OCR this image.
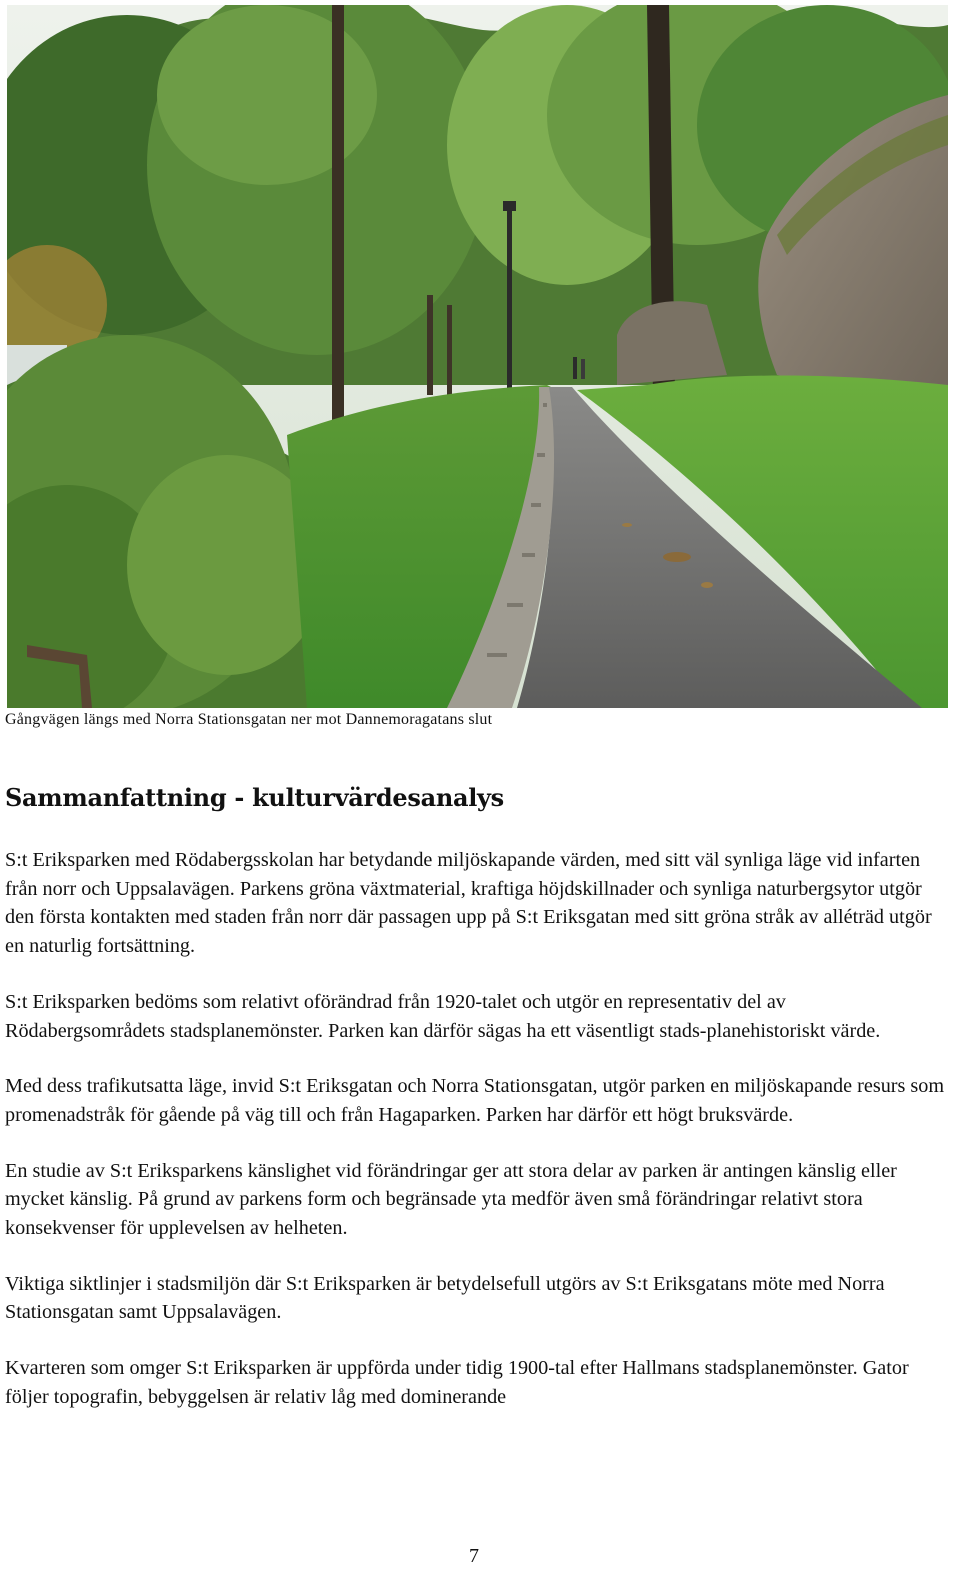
Gångvägen längs med Norra Stationsgatan ner mot Dannemoragatans slut
Sammanfattning - kulturvärdesanalys

S:t Eriksparken med Rödabergsskolan har betydande miljöskapande värden, med sitt väl synliga läge vid infarten från norr och Uppsalavägen. Parkens gröna växtmaterial, kraftiga höjdskillnader och synliga naturbergsytor utgör den första kontakten med staden från norr där passagen upp på S:t Eriksgatan med sitt gröna stråk av alléträd utgör en naturlig fortsättning.

S:t Eriksparken bedöms som relativt oförändrad från 1920-talet och utgör en representativ del av Rödabergsområdets stadsplanemönster. Parken kan därför sägas ha ett väsentligt stads-planehistoriskt värde.

Med dess trafikutsatta läge, invid S:t Eriksgatan och Norra Stationsgatan, utgör parken en miljöskapande resurs som promenadstråk för gående på väg till och från Hagaparken. Parken har därför ett högt bruksvärde.

En studie av S:t Eriksparkens känslighet vid förändringar ger att stora delar av parken är antingen känslig eller mycket känslig. På grund av parkens form och begränsade yta medför även små förändringar relativt stora konsekvenser för upplevelsen av helheten.

Viktiga siktlinjer i stadsmiljön där S:t Eriksparken är betydelsefull utgörs av S:t Eriksgatans möte med Norra Stationsgatan samt Uppsalavägen.

Kvarteren som omger S:t Eriksparken är uppförda under tidig 1900-tal efter Hallmans stadsplanemönster. Gator följer topografin, bebyggelsen är relativ låg med dominerande

7
